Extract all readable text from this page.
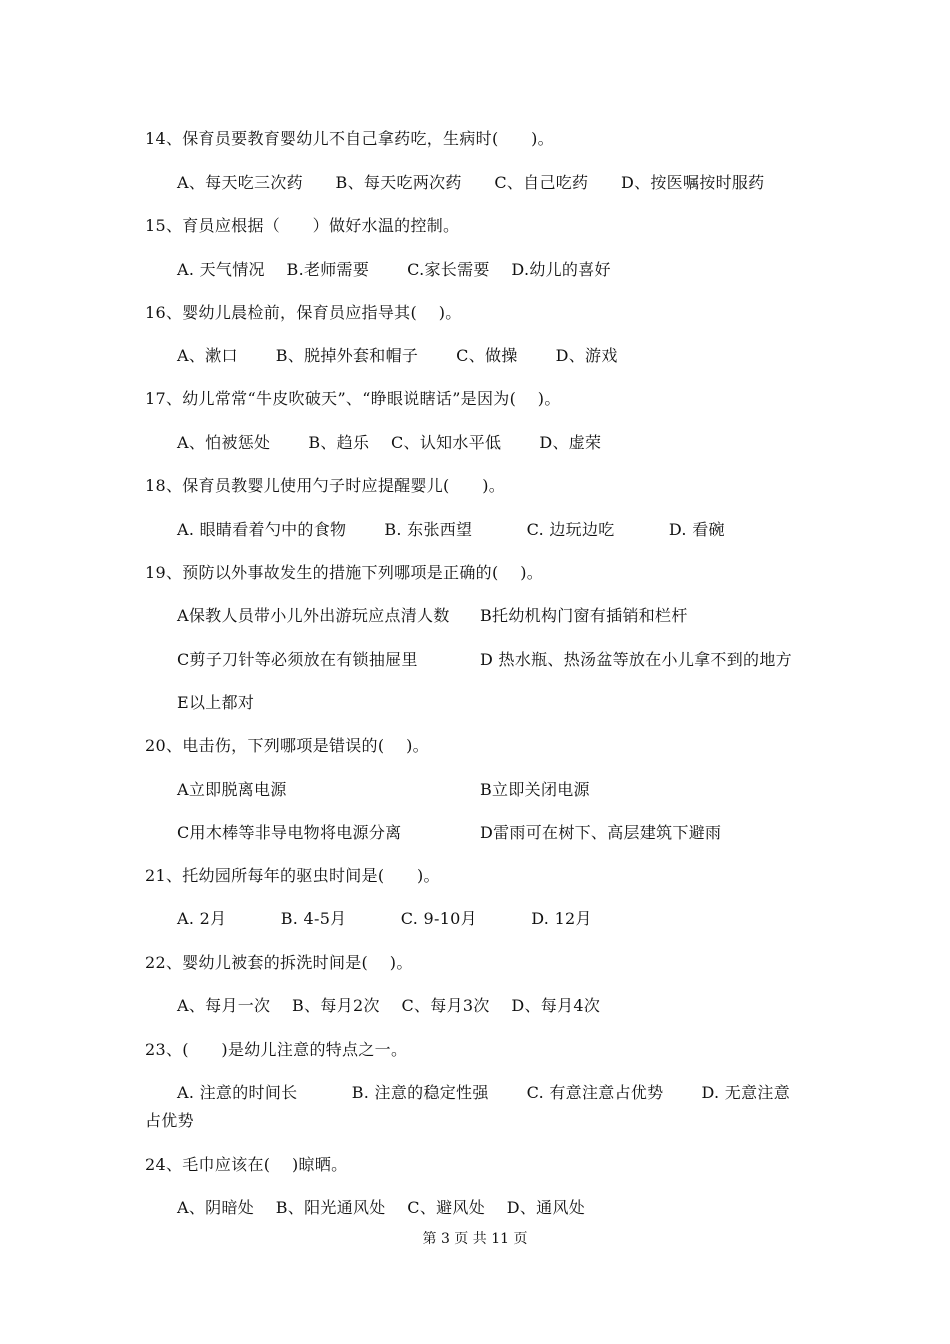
14、保育员要教育婴幼儿不自己拿药吃，生病时(　　)。
A、每天吃三次药　　B、每天吃两次药　　C、自己吃药　　D、按医嘱按时服药
15、育员应根据（　　）做好水温的控制。
A. 天气情况　 B.老师需要　　 C.家长需要　 D.幼儿的喜好
16、婴幼儿晨检前，保育员应指导其(　 )。
A、漱口　　 B、脱掉外套和帽子　　 C、做操　　 D、游戏
17、幼儿常常“牛皮吹破天”、“睁眼说瞎话”是因为(　 )。
A、怕被惩处　　 B、趋乐　 C、认知水平低　　 D、虚荣
18、保育员教婴儿使用勺子时应提醒婴儿(　　)。
A. 眼睛看着勺中的食物　　 B. 东张西望　　　 C. 边玩边吃　　　 D. 看碗
19、预防以外事故发生的措施下列哪项是正确的(　 )。
A保教人员带小儿外出游玩应点清人数 B托幼机构门窗有插销和栏杆
C剪子刀针等必须放在有锁抽屉里	D 热水瓶、热汤盆等放在小儿拿不到的地方
E以上都对
20、电击伤，下列哪项是错误的(　 )。
A立即脱离电源	B立即关闭电源
C用木棒等非导电物将电源分离	D雷雨可在树下、高层建筑下避雨
21、托幼园所每年的驱虫时间是(　　)。
A. 2月　　　 B. 4-5月　　　 C. 9-10月　　　 D. 12月
22、婴幼儿被套的拆洗时间是(　 )。
A、每月一次　 B、每月2次　 C、每月3次　 D、每月4次
23、(　　)是幼儿注意的特点之一。
A. 注意的时间长　　　 B. 注意的稳定性强　　 C. 有意注意占优势　　 D. 无意注意
占优势
24、毛巾应该在(　 )晾晒。
A、阴暗处　 B、阳光通风处　 C、避风处　 D、通风处
第 3 页 共 11 页
